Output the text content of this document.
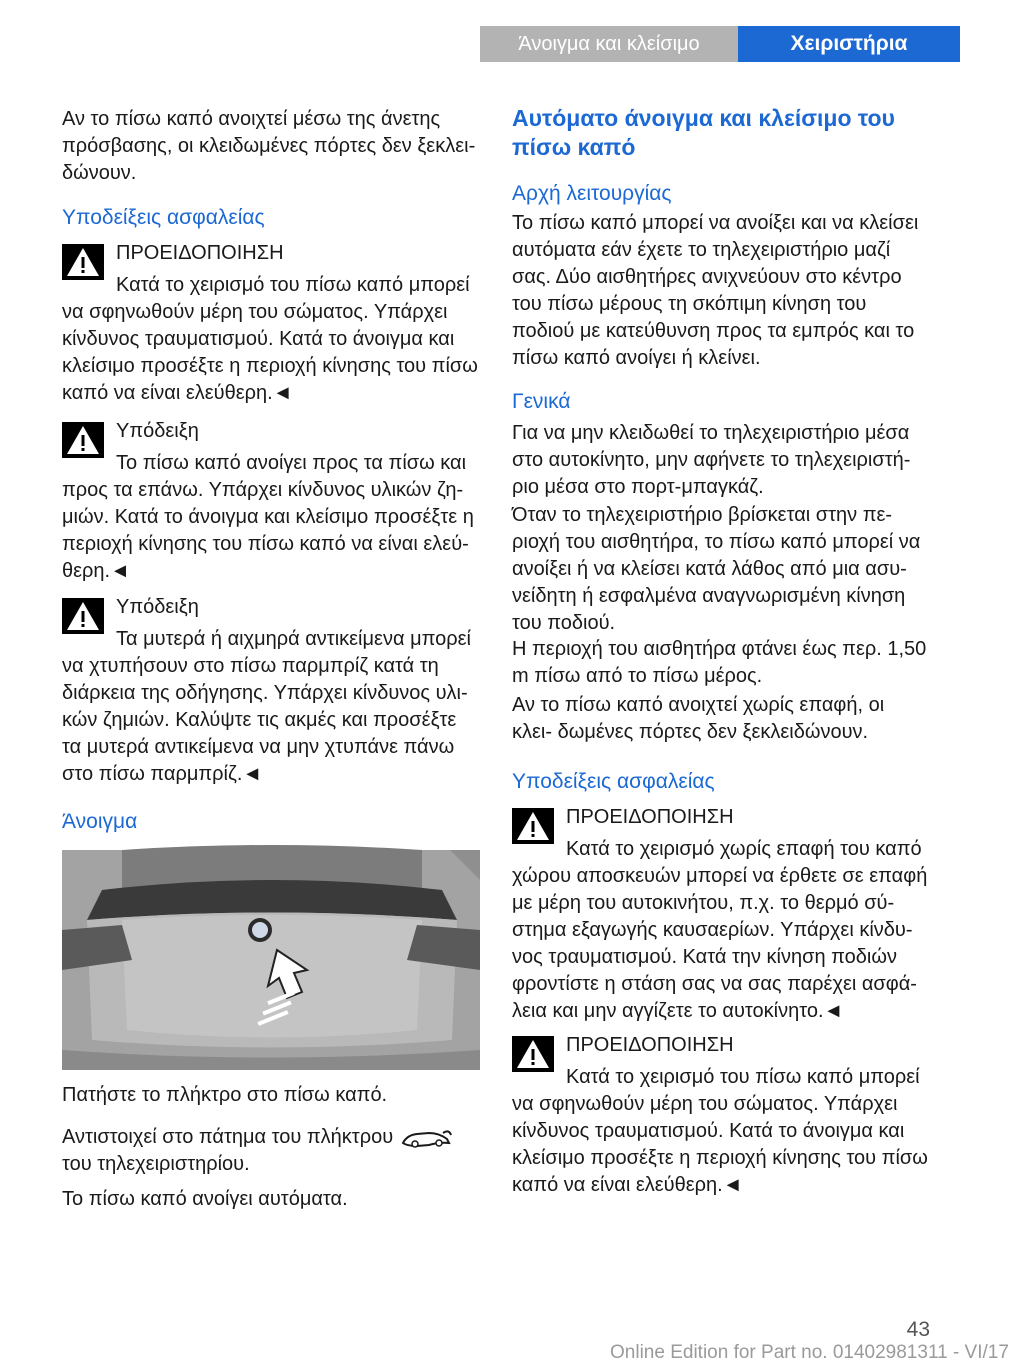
Άνοιγμα και κλείσιμο	Χειριστήρια

Αν το πίσω καπό ανοιχτεί μέσω της άνετης πρόσβασης, οι κλειδωμένες πόρτες δεν ξεκλει- δώνουν.

Υποδείξεις ασφαλείας

ΠΡΟΕΙΔΟΠΟΙΗΣΗ

Κατά το χειρισμό του πίσω καπό μπορεί

να σφηνωθούν μέρη του σώματος. Υπάρχει κίνδυνος τραυματισμού. Κατά το άνοιγμα και κλείσιμο προσέξτε η περιοχή κίνησης του πίσω καπό να είναι ελεύθερη.◄

Υπόδειξη

Το πίσω καπό ανοίγει προς τα πίσω και

προς τα επάνω. Υπάρχει κίνδυνος υλικών ζη- μιών. Κατά το άνοιγμα και κλείσιμο προσέξτε η περιοχή κίνησης του πίσω καπό να είναι ελεύ- θερη.◄

Υπόδειξη

Τα μυτερά ή αιχμηρά αντικείμενα μπορεί

να χτυπήσουν στο πίσω παρμπρίζ κατά τη διάρκεια της οδήγησης. Υπάρχει κίνδυνος υλι- κών ζημιών. Καλύψτε τις ακμές και προσέξτε τα μυτερά αντικείμενα να μην χτυπάνε πάνω στο πίσω παρμπρίζ.◄

Άνοιγμα

Πατήστε το πλήκτρο στο πίσω καπό.

Αντιστοιχεί στο πάτημα του πλήκτρου

του τηλεχειριστηρίου.

Το πίσω καπό ανοίγει αυτόματα.

Αυτόματο άνοιγμα και κλείσιμο του πίσω καπό
Αρχή λειτουργίας

Το πίσω καπό μπορεί να ανοίξει και να κλείσει αυτόματα εάν έχετε το τηλεχειριστήριο μαζί σας. Δύο αισθητήρες ανιχνεύουν στο κέντρο του πίσω μέρους τη σκόπιμη κίνηση του ποδιού με κατεύθυνση προς τα εμπρός και το πίσω καπό ανοίγει ή κλείνει.

Γενικά

Για να μην κλειδωθεί το τηλεχειριστήριο μέσα στο αυτοκίνητο, μην αφήνετε το τηλεχειριστή- ριο μέσα στο πορτ-μπαγκάζ.

Όταν το τηλεχειριστήριο βρίσκεται στην πε- ριοχή του αισθητήρα, το πίσω καπό μπορεί να ανοίξει ή να κλείσει κατά λάθος από μια ασυ- νείδητη ή εσφαλμένα αναγνωρισμένη κίνηση του ποδιού.

Η περιοχή του αισθητήρα φτάνει έως περ. 1,50 m πίσω από το πίσω μέρος.

Αν το πίσω καπό ανοιχτεί χωρίς επαφή, οι κλει- δωμένες πόρτες δεν ξεκλειδώνουν.

Υποδείξεις ασφαλείας

ΠΡΟΕΙΔΟΠΟΙΗΣΗ

Κατά το χειρισμό χωρίς επαφή του καπό

χώρου αποσκευών μπορεί να έρθετε σε επαφή με μέρη του αυτοκινήτου, π.χ. το θερμό σύ- στημα εξαγωγής καυσαερίων. Υπάρχει κίνδυ- νος τραυματισμού. Κατά την κίνηση ποδιών φροντίστε η στάση σας να σας παρέχει ασφά- λεια και μην αγγίζετε το αυτοκίνητο.◄

ΠΡΟΕΙΔΟΠΟΙΗΣΗ

Κατά το χειρισμό του πίσω καπό μπορεί

να σφηνωθούν μέρη του σώματος. Υπάρχει κίνδυνος τραυματισμού. Κατά το άνοιγμα και κλείσιμο προσέξτε η περιοχή κίνησης του πίσω καπό να είναι ελεύθερη.◄

43
Online Edition for Part no. 01402981311 - VI/17
